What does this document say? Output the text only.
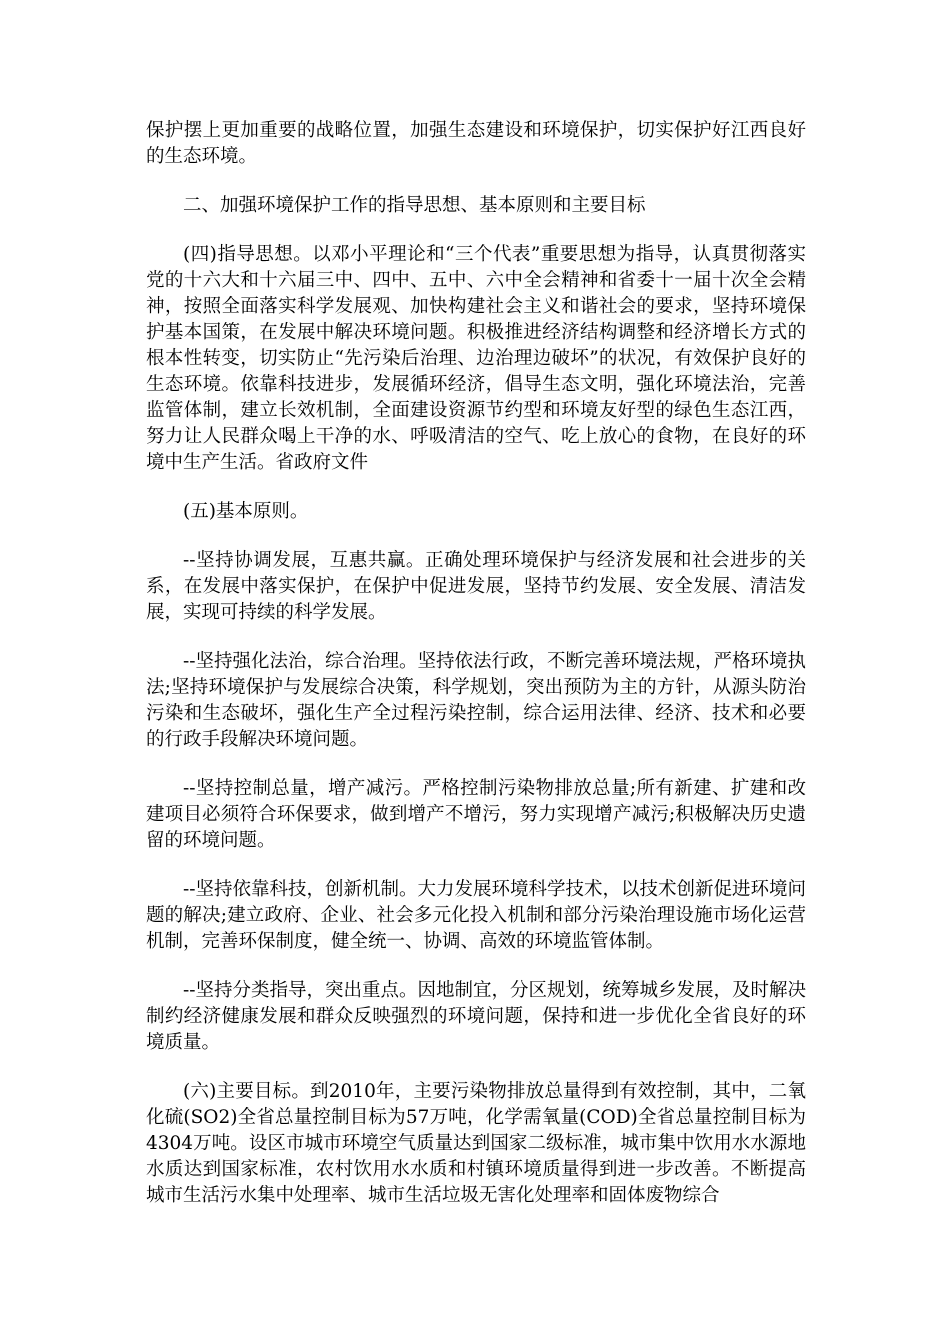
保护摆上更加重要的战略位置，加强生态建设和环境保护，切实保护好江西良好的生态环境。

二、加强环境保护工作的指导思想、基本原则和主要目标

(四)指导思想。以邓小平理论和“三个代表”重要思想为指导，认真贯彻落实党的十六大和十六届三中、四中、五中、六中全会精神和省委十一届十次全会精神，按照全面落实科学发展观、加快构建社会主义和谐社会的要求，坚持环境保护基本国策，在发展中解决环境问题。积极推进经济结构调整和经济增长方式的根本性转变，切实防止“先污染后治理、边治理边破坏”的状况，有效保护良好的生态环境。依靠科技进步，发展循环经济，倡导生态文明，强化环境法治，完善监管体制，建立长效机制，全面建设资源节约型和环境友好型的绿色生态江西，努力让人民群众喝上干净的水、呼吸清洁的空气、吃上放心的食物，在良好的环境中生产生活。省政府文件

(五)基本原则。

--坚持协调发展，互惠共赢。正确处理环境保护与经济发展和社会进步的关系，在发展中落实保护，在保护中促进发展，坚持节约发展、安全发展、清洁发展，实现可持续的科学发展。

--坚持强化法治，综合治理。坚持依法行政，不断完善环境法规，严格环境执法;坚持环境保护与发展综合决策，科学规划，突出预防为主的方针，从源头防治污染和生态破坏，强化生产全过程污染控制，综合运用法律、经济、技术和必要的行政手段解决环境问题。

--坚持控制总量，增产减污。严格控制污染物排放总量;所有新建、扩建和改建项目必须符合环保要求，做到增产不增污，努力实现增产减污;积极解决历史遗留的环境问题。

--坚持依靠科技，创新机制。大力发展环境科学技术，以技术创新促进环境问题的解决;建立政府、企业、社会多元化投入机制和部分污染治理设施市场化运营机制，完善环保制度，健全统一、协调、高效的环境监管体制。

--坚持分类指导，突出重点。因地制宜，分区规划，统筹城乡发展，及时解决制约经济健康发展和群众反映强烈的环境问题，保持和进一步优化全省良好的环境质量。

(六)主要目标。到2010年，主要污染物排放总量得到有效控制，其中，二氧化硫(SO2)全省总量控制目标为57万吨，化学需氧量(COD)全省总量控制目标为4304万吨。设区市城市环境空气质量达到国家二级标准，城市集中饮用水水源地水质达到国家标准，农村饮用水水质和村镇环境质量得到进一步改善。不断提高城市生活污水集中处理率、城市生活垃圾无害化处理率和固体废物综合
